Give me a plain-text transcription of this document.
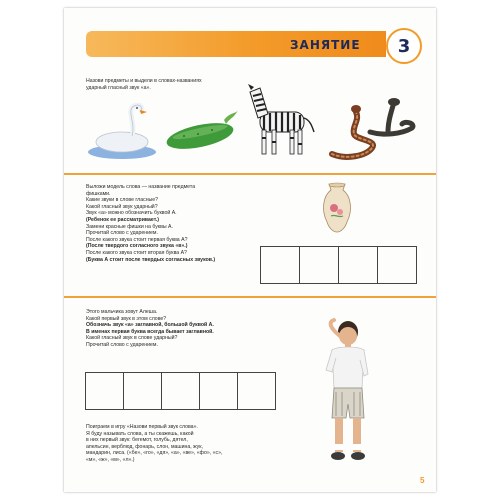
ЗАНЯТИЕ	3

Назови предметы и выдели в словах-названиях

ударный гласный звук «а».

Выложи модель слова — название предмета

фишками.

Какие звуки в слове гласные?

Какой гласный звук ударный?

Звук «а» можно обозначить буквой А.

(Ребенок ее рассматривает.)

Замени красные фишки на буквы А.

Прочитай слово с ударением.

После какого звука стоит первая буква А?

(После твердого согласного звука «в».)

После какого звука стоит вторая буква А?

(Буква А стоит после твердых согласных звуков.)

Этого мальчика зовут Алеша.

Какой первый звук в этом слове?

Обозначь звук «а» заглавной, большой буквой А.

В именах первая буква всегда бывает заглавной.

Какой гласный звук в слове ударный?

Прочитай слово с ударением.

Поиграем в игру «Назови первый звук слова».

Я буду называть слова, а ты скажешь, какой

в них первый звук: бегемот, голубь, дятел,

апельсин, верблюд, фонарь, слон, машина, жук,

мандарин, лиса. («бе», «го», «дя», «а», «ве», «фо», «с»,

«м», «ж», «м», «л».)

5
